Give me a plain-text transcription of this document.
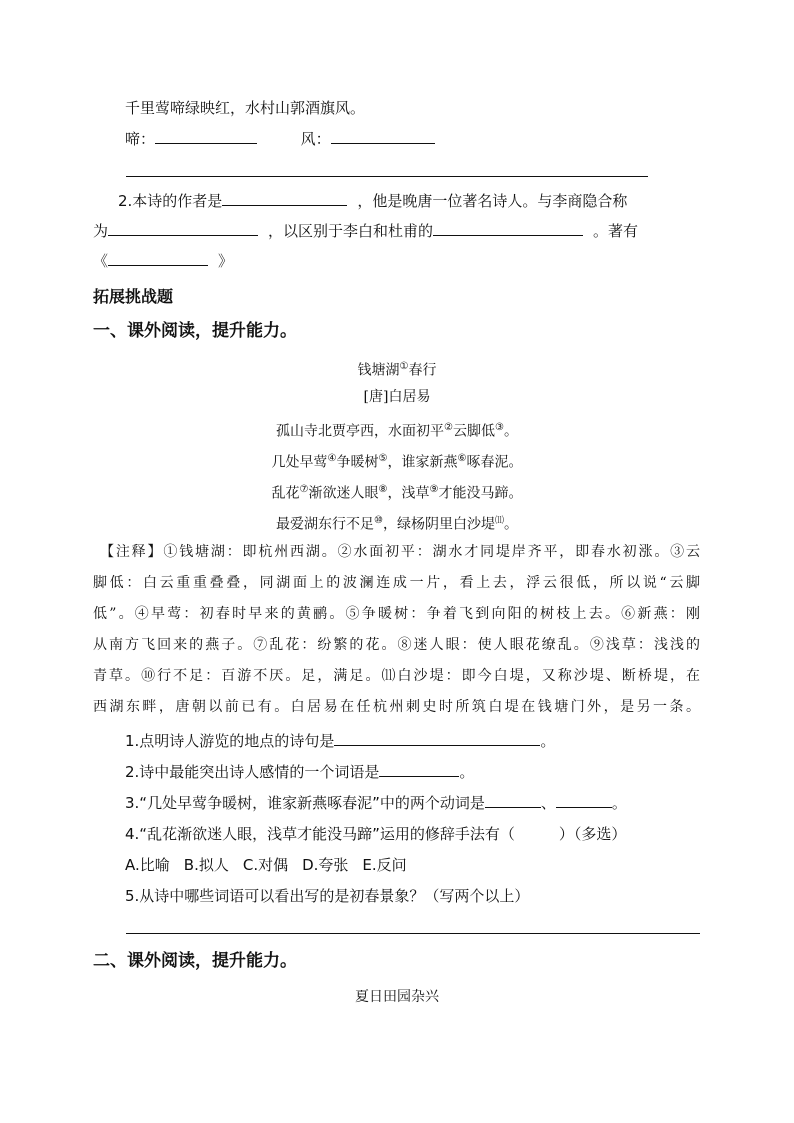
千里莺啼绿映红，水村山郭酒旗风。
啼：	风：
2.本诗的作者是	，他是晚唐一位著名诗人。与李商隐合称
为	，以区别于李白和杜甫的	。著有
《	》
拓展挑战题
一、课外阅读，提升能力。
钱塘湖①春行
[唐]白居易
孤山寺北贾亭西，水面初平②云脚低③。
几处早莺④争暖树⑤，谁家新燕⑥啄春泥。
乱花⑦渐欲迷人眼⑧，浅草⑨才能没马蹄。
最爱湖东行不足⑩，绿杨阴里白沙堤⑾。
【注释】①钱塘湖：即杭州西湖。②水面初平：湖水才同堤岸齐平，即春水初涨。③云
脚低：白云重重叠叠，同湖面上的波澜连成一片，看上去，浮云很低，所以说“云脚
低”。④早莺：初春时早来的黄鹂。⑤争暖树：争着飞到向阳的树枝上去。⑥新燕：刚
从南方飞回来的燕子。⑦乱花：纷繁的花。⑧迷人眼：使人眼花缭乱。⑨浅草：浅浅的
青草。⑩行不足：百游不厌。足，满足。⑾白沙堤：即今白堤，又称沙堤、断桥堤，在
西湖东畔，唐朝以前已有。白居易在任杭州刺史时所筑白堤在钱塘门外，是另一条。
1.点明诗人游览的地点的诗句是	。
2.诗中最能突出诗人感情的一个词语是	。
3.“几处早莺争暖树，谁家新燕啄春泥”中的两个动词是	、	。
4.“乱花渐欲迷人眼，浅草才能没马蹄”运用的修辞手法有（	）（多选）
A.比喻 B.拟人 C.对偶 D.夸张 E.反问
5.从诗中哪些词语可以看出写的是初春景象？（写两个以上）
二、课外阅读，提升能力。
夏日田园杂兴
